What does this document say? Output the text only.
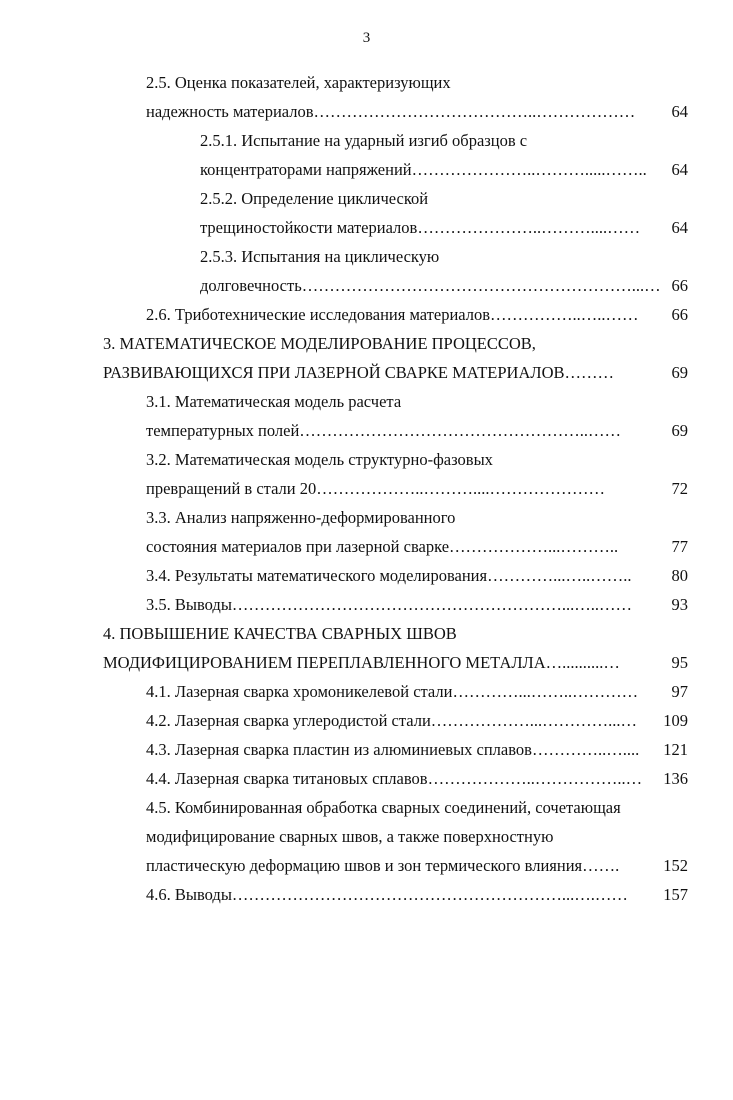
3
2.5. Оценка показателей, характеризующих
надежность материалов…………………………………..………………	64
2.5.1. Испытание на ударный изгиб образцов с
концентраторами напряжений…………………..……….....……..	64
2.5.2. Определение циклической
трещиностойкости материалов…………………..………....……	64
2.5.3. Испытания на циклическую
долговечность……………………………………………………...… 66
2.6. Триботехнические исследования материалов……………..…..……	66
3. МАТЕМАТИЧЕСКОЕ МОДЕЛИРОВАНИЕ ПРОЦЕССОВ,
РАЗВИВАЮЩИХСЯ ПРИ ЛАЗЕРНОЙ СВАРКЕ МАТЕРИАЛОВ………	69
3.1. Математическая модель расчета
температурных полей……………………………………………..……	69
3.2. Математическая модель структурно-фазовых
превращений в стали 20………………..………....…………………	72
3.3. Анализ напряженно-деформированного
состояния материалов при лазерной сварке………………...………..	77
3.4. Результаты математического моделирования…………...…..……..	80
3.5. Выводы……………………………………………………...…..……	93
4. ПОВЫШЕНИЕ КАЧЕСТВА СВАРНЫХ ШВОВ
МОДИФИЦИРОВАНИЕМ ПЕРЕПЛАВЛЕННОГО МЕТАЛЛА…..........…	95
4.1. Лазерная сварка хромоникелевой стали…………...……..…………	97
4.2. Лазерная сварка углеродистой стали………………...…………...…	109
4.3. Лазерная сварка пластин из алюминиевых сплавов…………..…....	121
4.4. Лазерная сварка титановых сплавов………………..……………..…	136
4.5. Комбинированная обработка сварных соединений, сочетающая
модифицирование сварных швов, а также поверхностную
пластическую деформацию швов и зон термического влияния…….	152
4.6. Выводы……………………………………………………...….……	157
